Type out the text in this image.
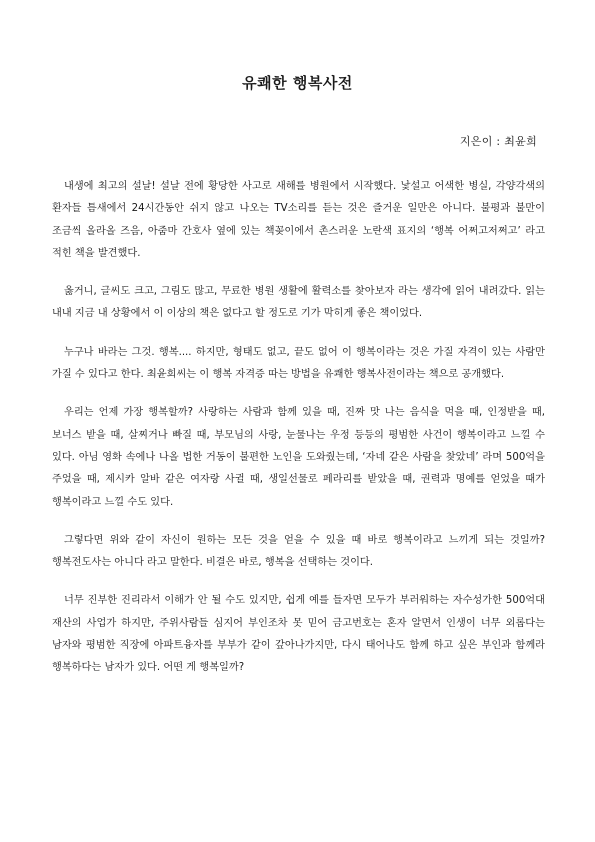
유쾌한 행복사전
지은이 : 최윤희

내생에 최고의 설날! 설날 전에 황당한 사고로 새해를 병원에서 시작했다. 낯설고 어색한 병실, 각양각색의 환자들 틈새에서 24시간동안 쉬지 않고 나오는 TV소리를 듣는 것은 즐거운 일만은 아니다. 불평과 불만이 조금씩 올라올 즈음, 아줌마 간호사 옆에 있는 책꽂이에서 촌스러운 노란색 표지의 ‘행복 어쩌고저쩌고’ 라고 적힌 책을 발견했다.

옳거니, 글씨도 크고, 그림도 많고, 무료한 병원 생활에 활력소를 찾아보자 라는 생각에 읽어 내려갔다. 읽는 내내 지금 내 상황에서 이 이상의 책은 없다고 할 정도로 기가 막히게 좋은 책이었다.

누구나 바라는 그것. 행복.... 하지만, 형태도 없고, 끝도 없어 이 행복이라는 것은 가질 자격이 있는 사람만 가질 수 있다고 한다. 최윤희씨는 이 행복 자격증 따는 방법을 유쾌한 행복사전이라는 책으로 공개했다.

우리는 언제 가장 행복할까? 사랑하는 사람과 함께 있을 때, 진짜 맛 나는 음식을 먹을 때, 인정받을 때, 보너스 받을 때, 살찌거나 빠질 때, 부모님의 사랑, 눈물나는 우정 등등의 평범한 사건이 행복이라고 느낄 수 있다. 아님 영화 속에나 나올 법한 거동이 불편한 노인을 도와줬는데, ‘자네 같은 사람을 찾았네’ 라며 500억을 주었을 때, 제시카 알바 같은 여자랑 사귈 때, 생일선물로 페라리를 받았을 때, 권력과 명예를 얻었을 때가 행복이라고 느낄 수도 있다.

그렇다면 위와 같이 자신이 원하는 모든 것을 얻을 수 있을 때 바로 행복이라고 느끼게 되는 것일까? 행복전도사는 아니다 라고 말한다. 비결은 바로, 행복을 선택하는 것이다.

너무 진부한 진리라서 이해가 안 될 수도 있지만, 쉽게 예를 들자면 모두가 부러워하는 자수성가한 500억대 재산의 사업가 하지만, 주위사람들 심지어 부인조차 못 믿어 금고번호는 혼자 알면서 인생이 너무 외롭다는 남자와 평범한 직장에 아파트융자를 부부가 같이 갚아나가지만, 다시 태어나도 함께 하고 싶은 부인과 함께라 행복하다는 남자가 있다. 어떤 게 행복일까?
